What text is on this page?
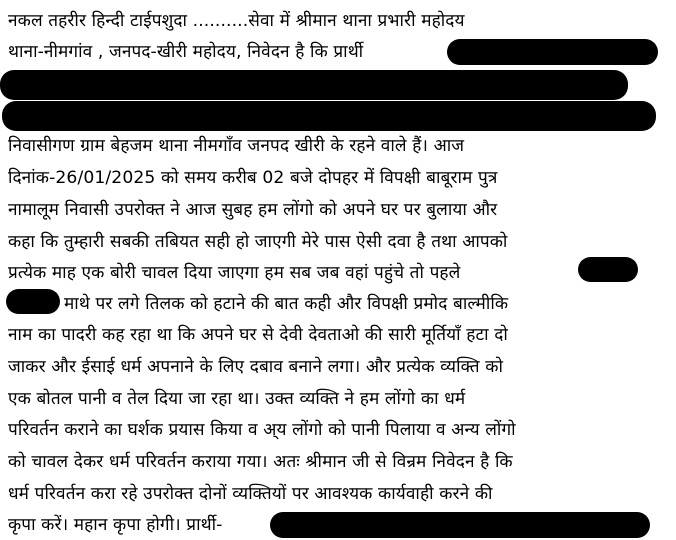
नकल तहरीर हिन्दी टाईपशुदा ..........सेवा में श्रीमान थाना प्रभारी महोदय
थाना-नीमगांव , जनपद-खीरी महोदय, निवेदन है कि प्रार्थी
निवासीगण ग्राम बेहजम थाना नीमगाँव जनपद खीरी के रहने वाले हैं। आज
दिनांक-26/01/2025 को समय करीब 02 बजे दोपहर में विपक्षी बाबूराम पुत्र
नामालूम निवासी उपरोक्त ने आज सुबह हम लोंगो को अपने घर पर बुलाया और
कहा कि तुम्हारी सबकी तबियत सही हो जाएगी मेरे पास ऐसी दवा है तथा आपको
प्रत्येक माह एक बोरी चावल दिया जाएगा हम सब जब वहां पहुंचे तो पहले
माथे पर लगे तिलक को हटाने की बात कही और विपक्षी प्रमोद बाल्मीकि
नाम का पादरी कह रहा था कि अपने घर से देवी देवताओ की सारी मूर्तियाँ हटा दो
जाकर और ईसाई धर्म अपनाने के लिए दबाव बनाने लगा। और प्रत्येक व्यक्ति को
एक बोतल पानी व तेल दिया जा रहा था। उक्त व्यक्ति ने हम लोंगो का धर्म
परिवर्तन कराने का घर्शक प्रयास किया व अ्य लोंगो को पानी पिलाया व अन्य लोंगो
को चावल देकर धर्म परिवर्तन कराया गया। अतः श्रीमान जी से विन्रम निवेदन है कि
धर्म परिवर्तन करा रहे उपरोक्त दोनों व्यक्तियों पर आवश्यक कार्यवाही करने की
कृपा करें। महान कृपा होगी। प्रार्थी-
